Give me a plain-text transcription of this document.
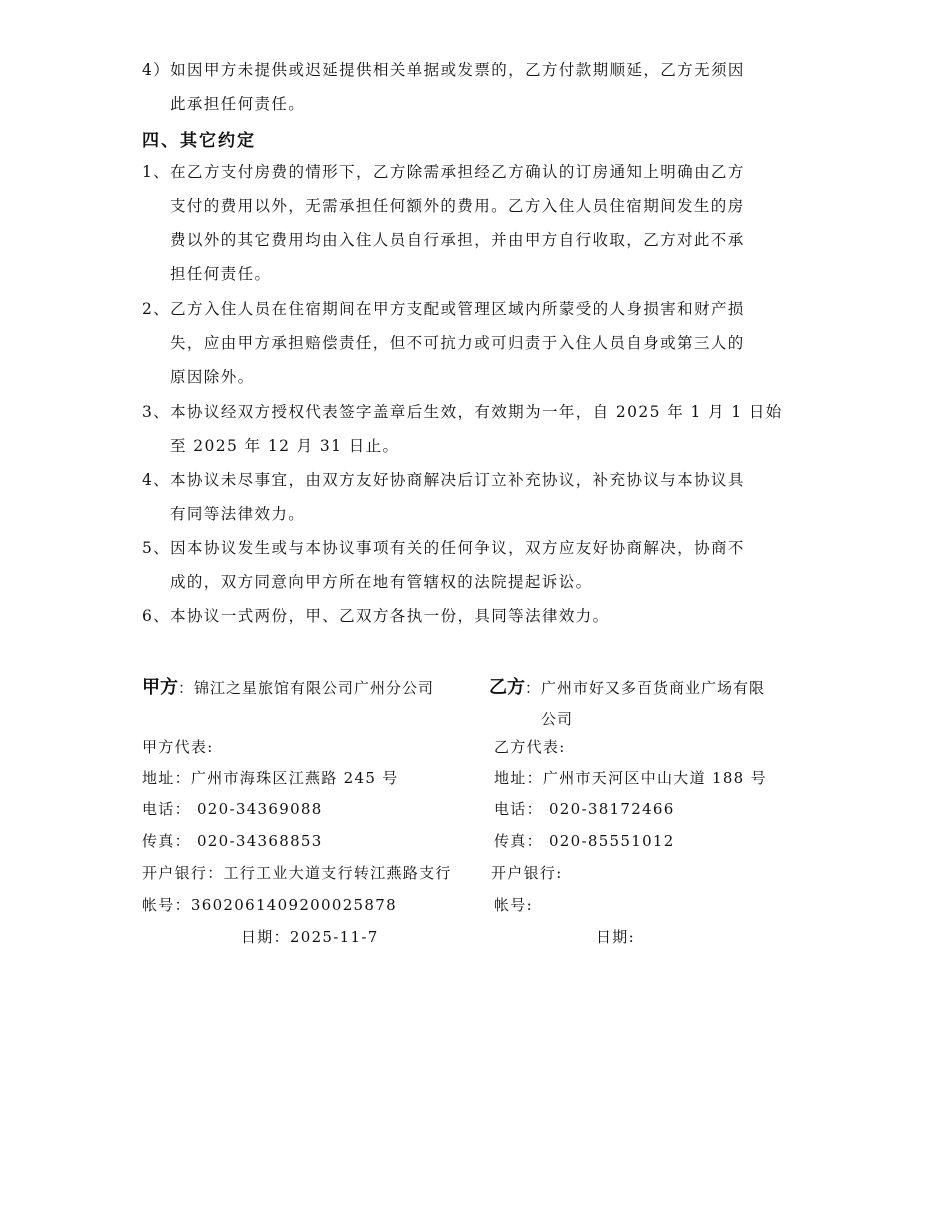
4）如因甲方未提供或迟延提供相关单据或发票的，乙方付款期顺延，乙方无须因
此承担任何责任。
四、其它约定
1、在乙方支付房费的情形下，乙方除需承担经乙方确认的订房通知上明确由乙方
支付的费用以外，无需承担任何额外的费用。乙方入住人员住宿期间发生的房
费以外的其它费用均由入住人员自行承担，并由甲方自行收取，乙方对此不承
担任何责任。
2、乙方入住人员在住宿期间在甲方支配或管理区域内所蒙受的人身损害和财产损
失，应由甲方承担赔偿责任，但不可抗力或可归责于入住人员自身或第三人的
原因除外。
3、本协议经双方授权代表签字盖章后生效，有效期为一年，自 2025 年 1 月 1 日始
至 2025 年 12 月 31 日止。
4、本协议未尽事宜，由双方友好协商解决后订立补充协议，补充协议与本协议具
有同等法律效力。
5、因本协议发生或与本协议事项有关的任何争议，双方应友好协商解决，协商不
成的，双方同意向甲方所在地有管辖权的法院提起诉讼。
6、本协议一式两份，甲、乙双方各执一份，具同等法律效力。
甲方：锦江之星旅馆有限公司广州分公司	乙方：广州市好又多百货商业广场有限
公司
甲方代表:
地址：广州市海珠区江燕路 245 号
电话： 020-34369088
传真： 020-34368853
开户银行：工行工业大道支行转江燕路支行
帐号：3602061409200025878
日期：2025-11-7
乙方代表:
地址：广州市天河区中山大道 188 号
电话： 020-38172466
传真： 020-85551012
开户银行:
帐号:
日期:
